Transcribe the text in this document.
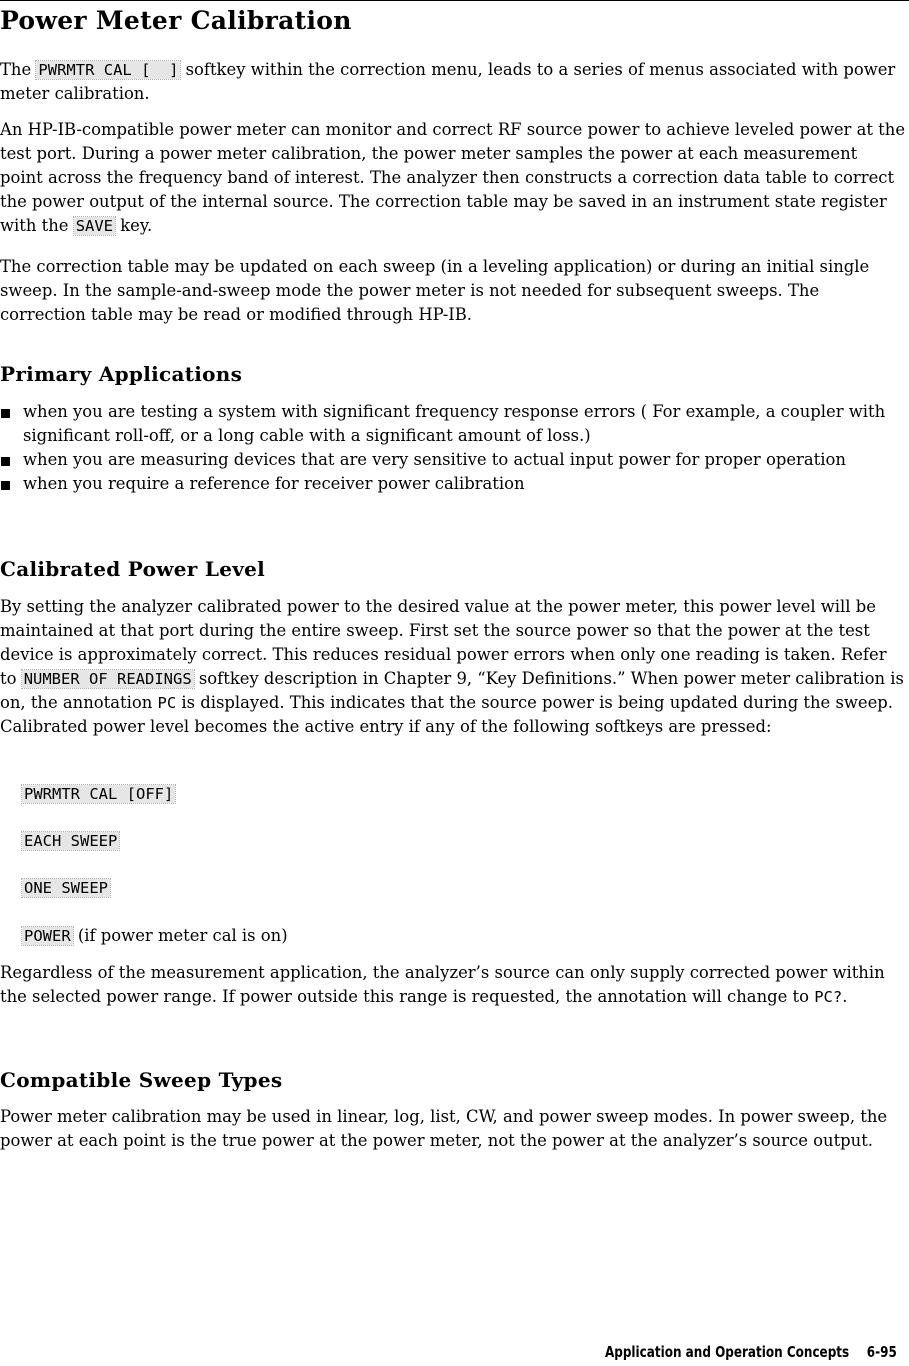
Power Meter Calibration

The PWRMTR CAL [  ] softkey within the correction menu, leads to a series of menus associated with power meter calibration.

An HP-IB-compatible power meter can monitor and correct RF source power to achieve leveled power at the test port. During a power meter calibration, the power meter samples the power at each measurement point across the frequency band of interest. The analyzer then constructs a correction data table to correct the power output of the internal source. The correction table may be saved in an instrument state register with the SAVE key.

The correction table may be updated on each sweep (in a leveling application) or during an initial single sweep. In the sample-and-sweep mode the power meter is not needed for subsequent sweeps. The correction table may be read or modified through HP-IB.

Primary Applications
when you are testing a system with significant frequency response errors ( For example, a coupler with significant roll-off, or a long cable with a significant amount of loss.)
when you are measuring devices that are very sensitive to actual input power for proper operation
when you require a reference for receiver power calibration
Calibrated Power Level

By setting the analyzer calibrated power to the desired value at the power meter, this power level will be maintained at that port during the entire sweep. First set the source power so that the power at the test device is approximately correct. This reduces residual power errors when only one reading is taken. Refer to NUMBER OF READINGS softkey description in Chapter 9, “Key Definitions.” When power meter calibration is on, the annotation PC is displayed. This indicates that the source power is being updated during the sweep. Calibrated power level becomes the active entry if any of the following softkeys are pressed:

PWRMTR CAL [OFF]
EACH SWEEP
ONE SWEEP
POWER (if power meter cal is on)

Regardless of the measurement application, the analyzer’s source can only supply corrected power within the selected power range. If power outside this range is requested, the annotation will change to PC?.

Compatible Sweep Types

Power meter calibration may be used in linear, log, list, CW, and power sweep modes. In power sweep, the power at each point is the true power at the power meter, not the power at the analyzer’s source output.

Application and Operation Concepts 6-95
